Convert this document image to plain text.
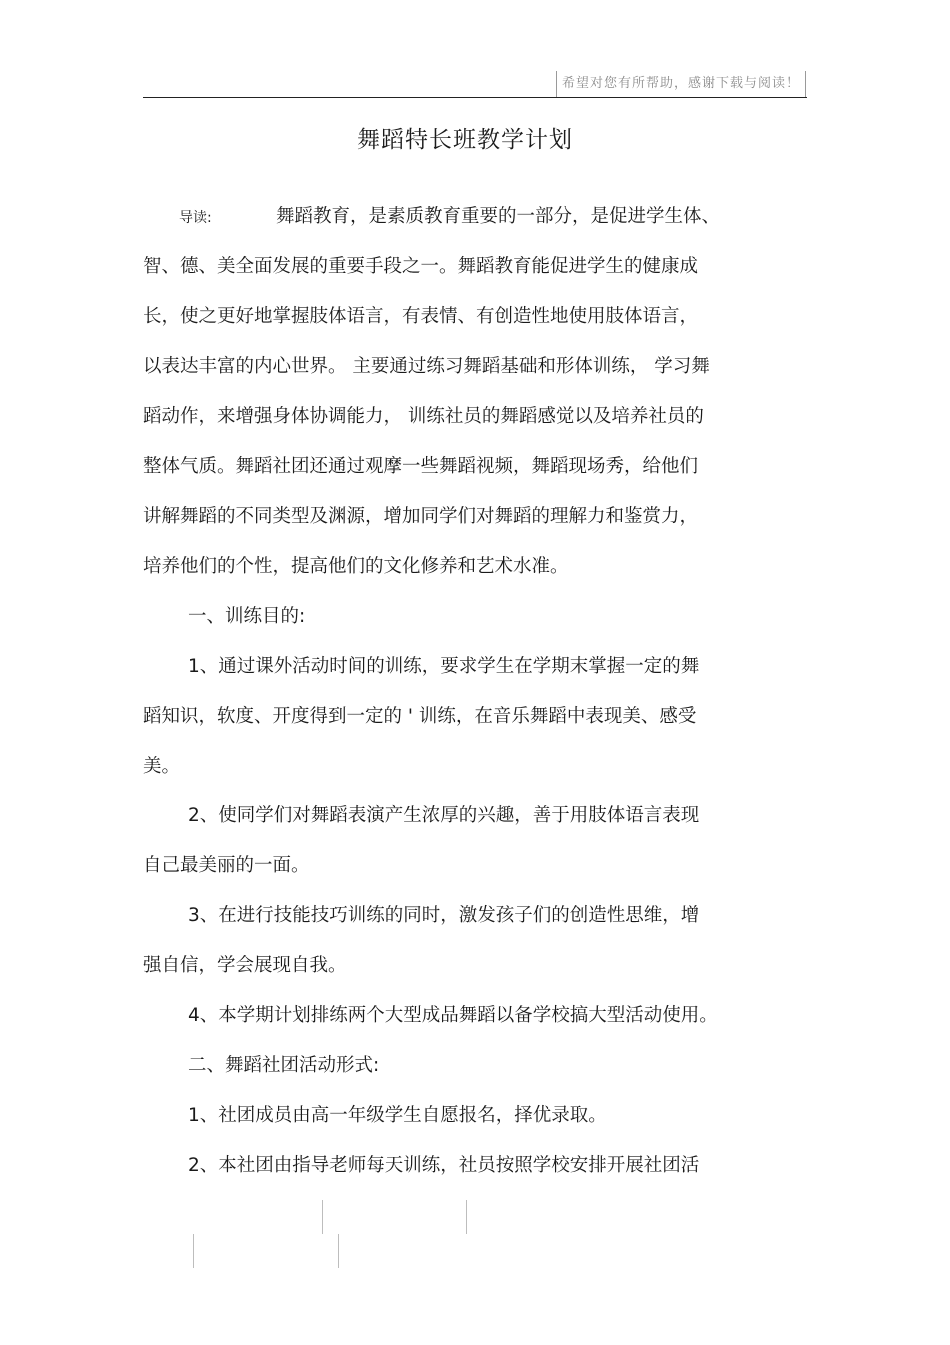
希望对您有所帮助，感谢下载与阅读！
舞蹈特长班教学计划
导读:	舞蹈教育，是素质教育重要的一部分，是促进学生体、
智、德、美全面发展的重要手段之一。舞蹈教育能促进学生的健康成
长，使之更好地掌握肢体语言，有表情、有创造性地使用肢体语言，
以表达丰富的内心世界。 主要通过练习舞蹈基础和形体训练， 学习舞
蹈动作，来增强身体协调能力， 训练社员的舞蹈感觉以及培养社员的
整体气质。舞蹈社团还通过观摩一些舞蹈视频，舞蹈现场秀，给他们
讲解舞蹈的不同类型及渊源，增加同学们对舞蹈的理解力和鉴赏力，
培养他们的个性，提高他们的文化修养和艺术水准。
一、训练目的:
1、通过课外活动时间的训练，要求学生在学期末掌握一定的舞
蹈知识，软度、开度得到一定的 ' 训练，在音乐舞蹈中表现美、感受
美。
2、使同学们对舞蹈表演产生浓厚的兴趣，善于用肢体语言表现
自己最美丽的一面。
3、在进行技能技巧训练的同时，激发孩子们的创造性思维，增
强自信，学会展现自我。
4、本学期计划排练两个大型成品舞蹈以备学校搞大型活动使用。
二、舞蹈社团活动形式:
1、社团成员由高一年级学生自愿报名，择优录取。
2、本社团由指导老师每天训练，社员按照学校安排开展社团活
